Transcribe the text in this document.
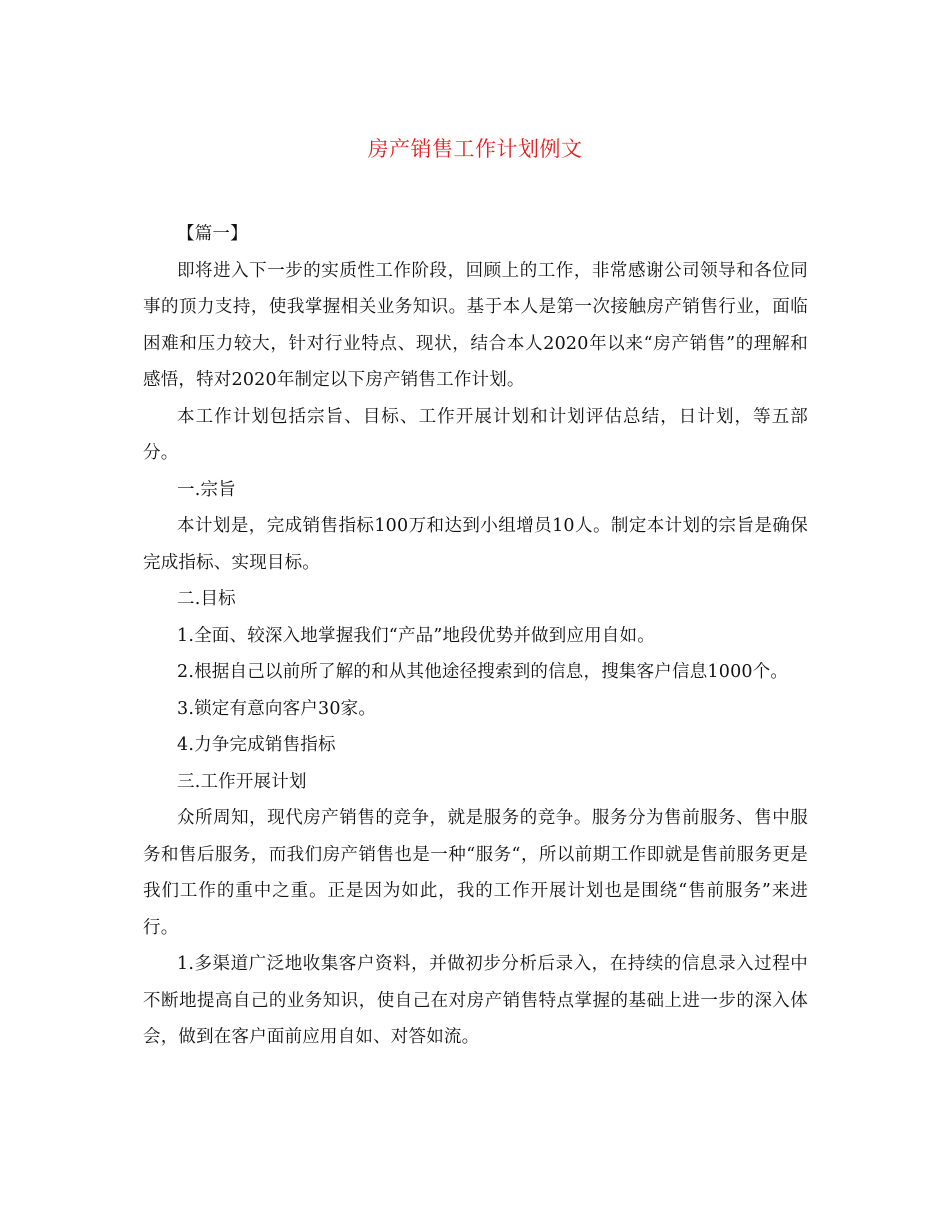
房产销售工作计划例文

【篇一】

即将进入下一步的实质性工作阶段，回顾上的工作，非常感谢公司领导和各位同事的顶力支持，使我掌握相关业务知识。基于本人是第一次接触房产销售行业，面临困难和压力较大，针对行业特点、现状，结合本人2020年以来“房产销售”的理解和感悟，特对2020年制定以下房产销售工作计划。

本工作计划包括宗旨、目标、工作开展计划和计划评估总结，日计划，等五部分。

一.宗旨

本计划是，完成销售指标100万和达到小组增员10人。制定本计划的宗旨是确保完成指标、实现目标。

二.目标

1.全面、较深入地掌握我们“产品”地段优势并做到应用自如。

2.根据自己以前所了解的和从其他途径搜索到的信息，搜集客户信息1000个。

3.锁定有意向客户30家。

4.力争完成销售指标

三.工作开展计划

众所周知，现代房产销售的竞争，就是服务的竞争。服务分为售前服务、售中服务和售后服务，而我们房产销售也是一种“服务“，所以前期工作即就是售前服务更是我们工作的重中之重。正是因为如此，我的工作开展计划也是围绕“售前服务”来进行。

1.多渠道广泛地收集客户资料，并做初步分析后录入，在持续的信息录入过程中不断地提高自己的业务知识，使自己在对房产销售特点掌握的基础上进一步的深入体会，做到在客户面前应用自如、对答如流。
